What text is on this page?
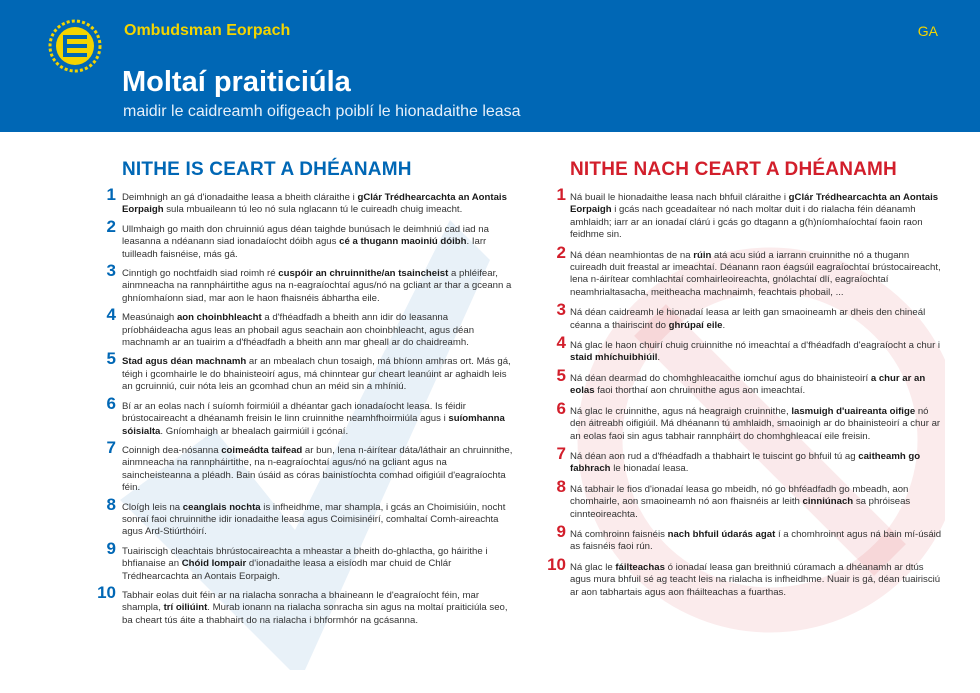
Ombudsman Eorpach	GA
Moltaí praiticiúla
maidir le caidreamh oifigeach poiblí le hionadaithe leasa
NITHE IS CEART A DHÉANAMH
1 Deimhnigh an gá d'ionadaithe leasa a bheith cláraithe i gClár Trédhearcachta an Aontais Eorpaigh sula mbuaileann tú leo nó sula nglacann tú le cuireadh chuig imeacht.
2 Ullmhaigh go maith don chruinniú agus déan taighde bunúsach le deimhniú cad iad na leasanna a ndéanann siad ionadaíocht dóibh agus cé a thugann maoiniú dóibh. Iarr tuilleadh faisnéise, más gá.
3 Cinntigh go nochtfaidh siad roimh ré cuspóir an chruinnithe/an tsaincheist a phléifear, ainmneacha na rannpháirtithe agus na n-eagraíochtaí agus/nó na gcliant ar thar a gceann a ghníomhaíonn siad, mar aon le haon fhaisnéis ábhartha eile.
4 Measúnaigh aon choinbhleacht a d'fhéadfadh a bheith ann idir do leasanna príobháideacha agus leas an phobail agus seachain aon choinbhleacht, agus déan machnamh ar an tuairim a d'fhéadfadh a bheith ann mar gheall ar do chaidreamh.
5 Stad agus déan machnamh ar an mbealach chun tosaigh, má bhíonn amhras ort. Más gá, téigh i gcomhairle le do bhainisteoirí agus, má chinntear gur cheart leanúint ar aghaidh leis an gcruinniú, cuir nóta leis an gcomhad chun an méid sin a mhíniú.
6 Bí ar an eolas nach í suíomh foirmiúil a dhéantar gach ionadaíocht leasa. Is féidir brústocaireacht a dhéanamh freisin le linn cruinnithe neamhfhoirmiúla agus i suíomhanna sóisialta. Gníomhaigh ar bhealach gairmiúil i gcónaí.
7 Coinnigh dea-nósanna coimeádta taifead ar bun, lena n-áirítear dáta/láthair an chruinnithe, ainmneacha na rannpháirtithe, na n-eagraíochtaí agus/nó na gcliant agus na saincheisteanna a pléadh. Bain úsáid as córas bainistíochta comhad oifigiúil d'eagraíochta féin.
8 Cloígh leis na ceanglais nochta is infheidhme, mar shampla, i gcás an Choimisiúin, nocht sonraí faoi chruinnithe idir ionadaithe leasa agus Coimisinéirí, comhaltaí Comh-aireachta agus Ard-Stiúrthóirí.
9 Tuairiscigh cleachtais bhrústocaireachta a mheastar a bheith do-ghlactha, go háirithe i bhfianaise an Chóid Iompair d'ionadaithe leasa a eisíodh mar chuid de Chlár Trédhearcachta an Aontais Eorpaigh.
10 Tabhair eolas duit féin ar na rialacha sonracha a bhaineann le d'eagraíocht féin, mar shampla, trí oiliúint. Murab ionann na rialacha sonracha sin agus na moltaí praiticiúla seo, ba cheart tús áite a thabhairt do na rialacha i bhformhór na gcásanna.
NITHE NACH CEART A DHÉANAMH
1 Ná buail le hionadaithe leasa nach bhfuil cláraithe i gClár Trédhearcachta an Aontais Eorpaigh i gcás nach gceadaítear nó nach moltar duit i do rialacha féin déanamh amhlaidh; iarr ar an ionadaí clárú i gcás go dtagann a g(h)níomhaíochtaí faoin raon feidhme sin.
2 Ná déan neamhiontas de na rúin atá acu siúd a iarrann cruinnithe nó a thugann cuireadh duit freastal ar imeachtaí. Déanann raon éagsúil eagraíochtaí brústocaireacht, lena n-áirítear comhlachtaí comhairleoireachta, gnólachtaí dlí, eagraíochtaí neamhrialtasacha, meitheacha machnaimh, feachtais phobail, ...
3 Ná déan caidreamh le hionadaí leasa ar leith gan smaoineamh ar dheis den chineál céanna a thairiscint do ghrúpaí eile.
4 Ná glac le haon chuirí chuig cruinnithe nó imeachtaí a d'fhéadfadh d'eagraíocht a chur i staid mhíchuibhiúil.
5 Ná déan dearmad do chomhghleacaithe iomchuí agus do bhainisteoirí a chur ar an eolas faoi thorthaí aon chruinnithe agus aon imeachtaí.
6 Ná glac le cruinnithe, agus ná heagraigh cruinnithe, lasmuigh d'uaireanta oifige nó den áitreabh oifigiúil. Má dhéanann tú amhlaidh, smaoinigh ar do bhainisteoirí a chur ar an eolas faoi sin agus tabhair rannpháirt do chomhghleacaí eile freisin.
7 Ná déan aon rud a d'fhéadfadh a thabhairt le tuiscint go bhfuil tú ag caitheamh go fabhrach le hionadaí leasa.
8 Ná tabhair le fios d'ionadaí leasa go mbeidh, nó go bhféadfadh go mbeadh, aon chomhairle, aon smaoineamh nó aon fhaisnéis ar leith cinniúnach sa phróiseas cinnteoireachta.
9 Ná comhroinn faisnéis nach bhfuil údarás agat í a chomhroinnt agus ná bain mí-úsáid as faisnéis faoi rún.
10 Ná glac le fáilteachas ó ionadaí leasa gan breithniú cúramach a dhéanamh ar dtús agus mura bhfuil sé ag teacht leis na rialacha is infheidhme. Nuair is gá, déan tuairisciú ar aon tabhartais agus aon fháilteachas a fuarthas.
